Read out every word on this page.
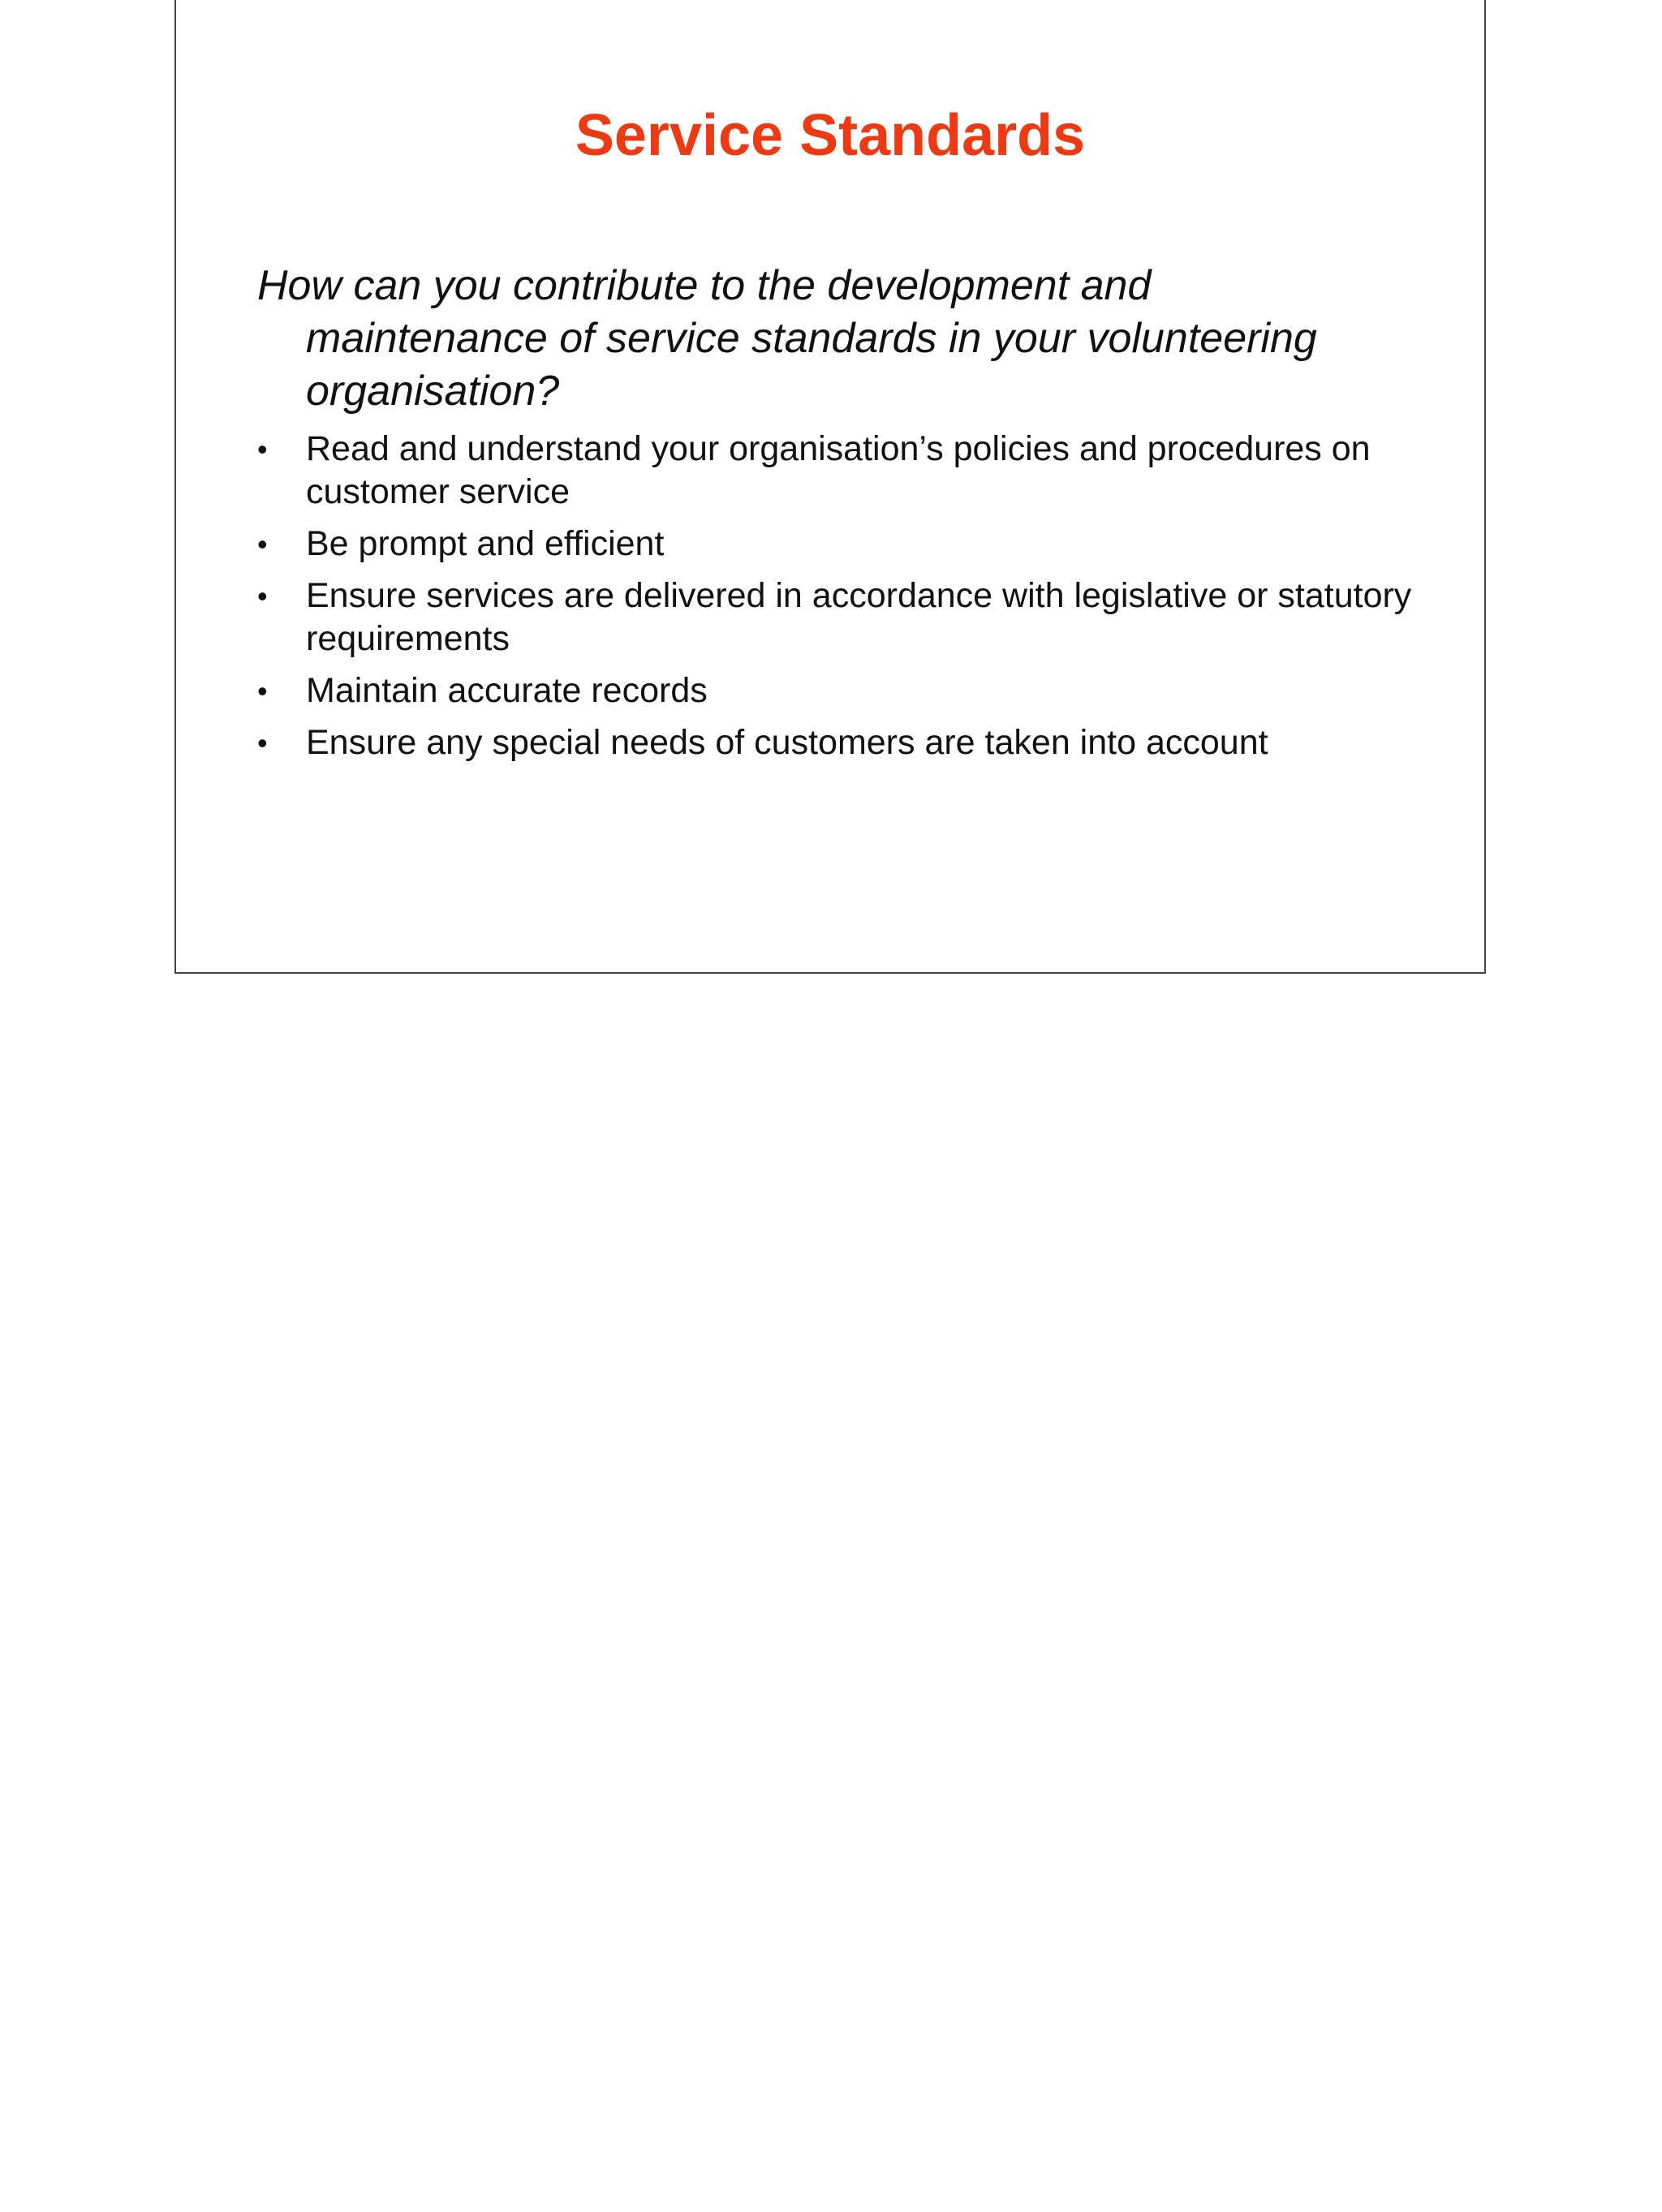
Service Standards

How can you contribute to the development and maintenance of service standards in your volunteering organisation?

•	Read and understand your organisation’s policies and procedures on customer service
•	Be prompt and efficient
•	Ensure services are delivered in accordance with legislative or statutory requirements
•	Maintain accurate records
•	Ensure any special needs of customers are taken into account
